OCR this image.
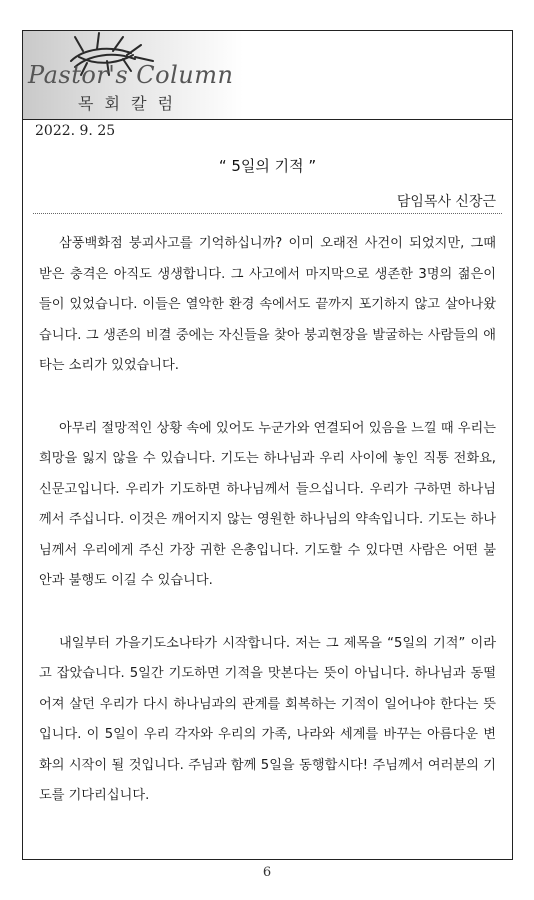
Pastor's Column
목 회 칼 럼
2022. 9. 25
“ 5일의 기적 ”
담임목사 신장근

삼풍백화점 붕괴사고를 기억하십니까? 이미 오래전 사건이 되었지만, 그때 받은 충격은 아직도 생생합니다. 그 사고에서 마지막으로 생존한 3명의 젊은이들이 있었습니다. 이들은 열악한 환경 속에서도 끝까지 포기하지 않고 살아나왔습니다. 그 생존의 비결 중에는 자신들을 찾아 붕괴현장을 발굴하는 사람들의 애타는 소리가 있었습니다.

아무리 절망적인 상황 속에 있어도 누군가와 연결되어 있음을 느낄 때 우리는 희망을 잃지 않을 수 있습니다. 기도는 하나님과 우리 사이에 놓인 직통 전화요, 신문고입니다. 우리가 기도하면 하나님께서 들으십니다. 우리가 구하면 하나님께서 주십니다. 이것은 깨어지지 않는 영원한 하나님의 약속입니다. 기도는 하나님께서 우리에게 주신 가장 귀한 은총입니다. 기도할 수 있다면 사람은 어떤 불안과 불행도 이길 수 있습니다.

내일부터 가을기도소나타가 시작합니다. 저는 그 제목을 “5일의 기적” 이라고 잡았습니다. 5일간 기도하면 기적을 맛본다는 뜻이 아닙니다. 하나님과 동떨어져 살던 우리가 다시 하나님과의 관계를 회복하는 기적이 일어나야 한다는 뜻입니다. 이 5일이 우리 각자와 우리의 가족, 나라와 세계를 바꾸는 아름다운 변화의 시작이 될 것입니다. 주님과 함께 5일을 동행합시다! 주님께서 여러분의 기도를 기다리십니다.

6
